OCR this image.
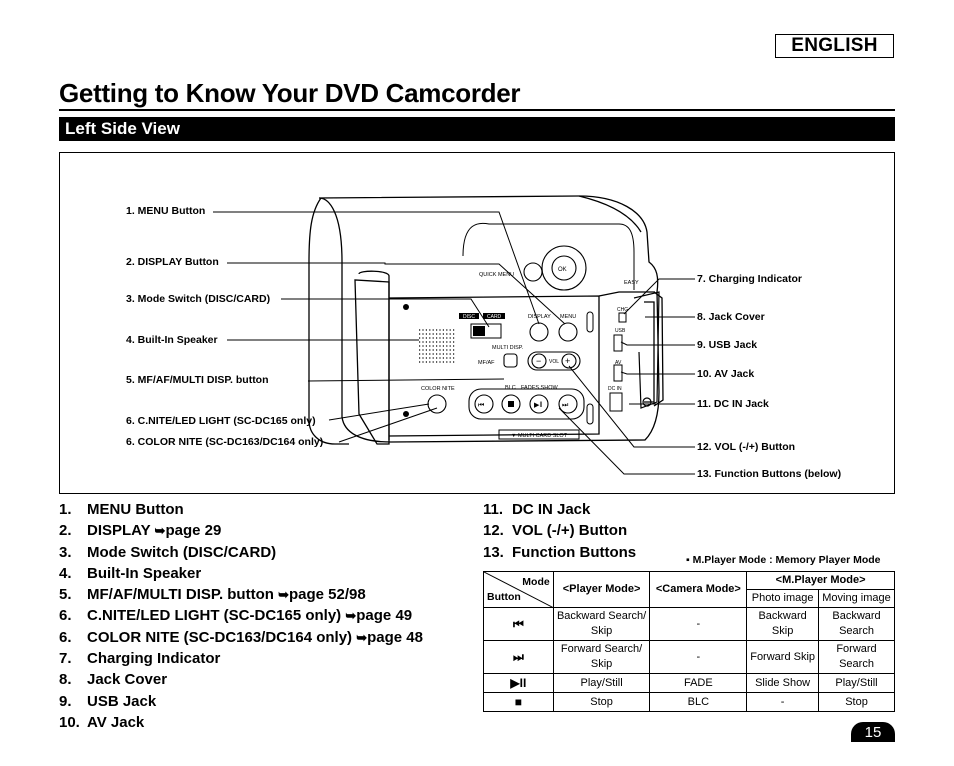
ENGLISH
Getting to Know Your DVD Camcorder
Left Side View
QUICK MENU
OK
EASY
DISC CARD	DISPLAY MENU
MULTI DISP.
MF/AF	−	+
VOL
COLOR NITE	BLC FADES.SHOW
⏮	▶‖	⏭
▼ MULTI CARD SLOT
CHG
USB
AV
DC IN
1. MENU Button
2. DISPLAY Button
3. Mode Switch (DISC/CARD)
4. Built-In Speaker
5. MF/AF/MULTI DISP. button
6. C.NITE/LED LIGHT (SC-DC165 only)
6. COLOR NITE (SC-DC163/DC164 only)
7. Charging Indicator
8. Jack Cover
9. USB Jack
10. AV Jack
11. DC IN Jack
12. VOL (-/+) Button
13. Function Buttons (below)
1. MENU Button
2. DISPLAY ➥page 29
3. Mode Switch (DISC/CARD)
4. Built-In Speaker
5. MF/AF/MULTI DISP. button ➥page 52/98
6. C.NITE/LED LIGHT (SC-DC165 only) ➥page 49
6. COLOR NITE (SC-DC163/DC164 only) ➥page 48
7. Charging Indicator
8. Jack Cover
9. USB Jack
10. AV Jack
11. DC IN Jack
12. VOL (-/+) Button
13. Function Buttons	▪ M.Player Mode : Memory Player Mode
Mode
Button	<Player Mode>	<Camera Mode>	<M.Player Mode>	
			Photo image	Moving image
⏮	Backward Search/ Skip	-	Backward Skip	Backward Search
⏭	Forward Search/ Skip	-	Forward Skip	Forward Search
▶II	Play/Still	FADE	Slide Show	Play/Still
■	Stop	BLC	-	Stop
15
